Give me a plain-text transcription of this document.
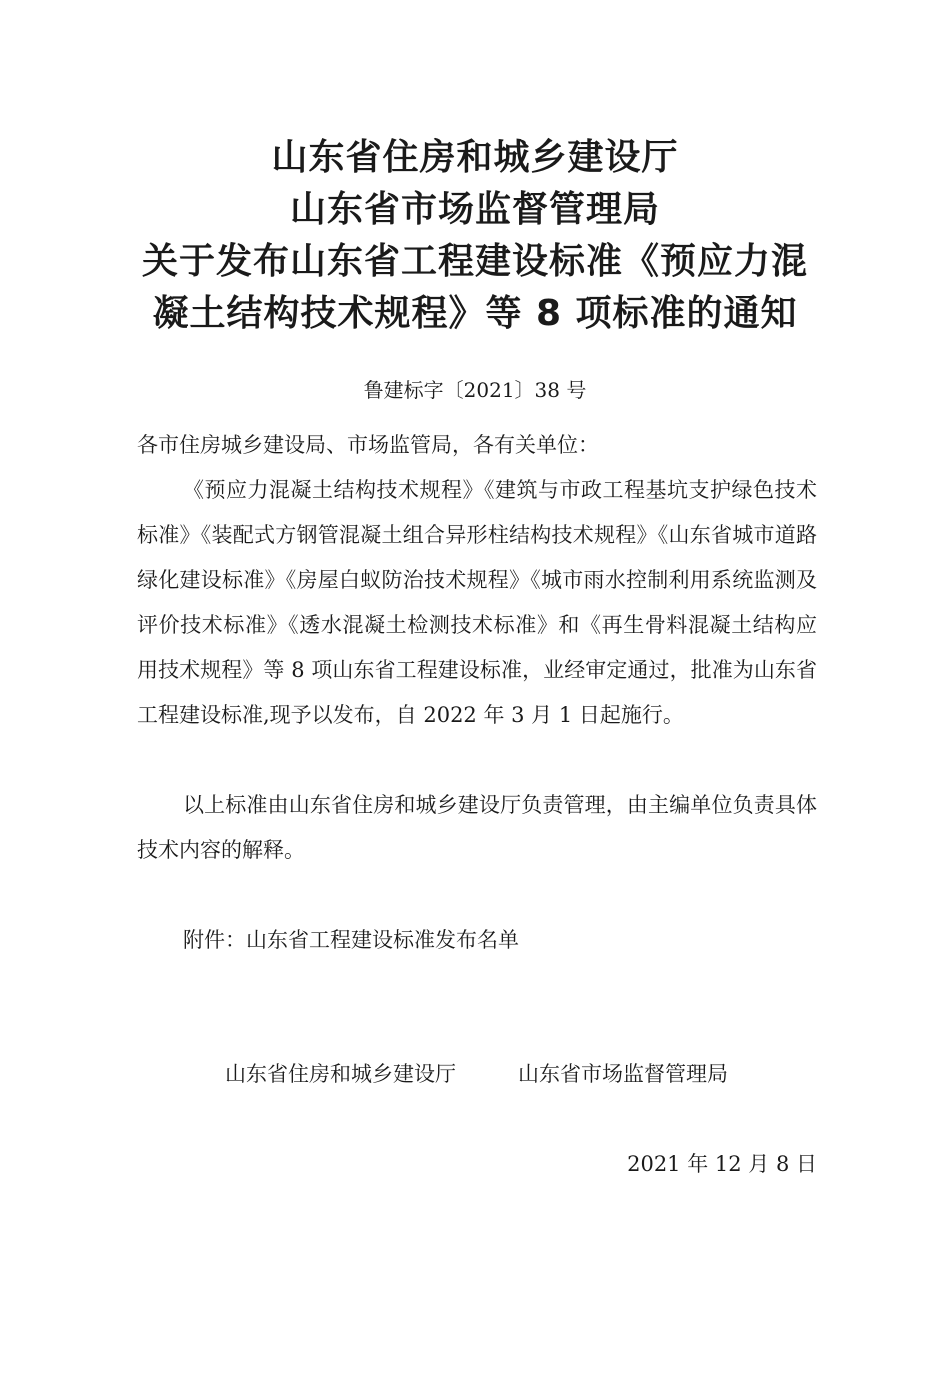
山东省住房和城乡建设厅
山东省市场监督管理局
关于发布山东省工程建设标准《预应力混
凝土结构技术规程》等 8 项标准的通知
鲁建标字〔2021〕38 号
各市住房城乡建设局、市场监管局，各有关单位：
《预应力混凝土结构技术规程》《建筑与市政工程基坑支护绿色技术标准》《装配式方钢管混凝土组合异形柱结构技术规程》《山东省城市道路绿化建设标准》《房屋白蚁防治技术规程》《城市雨水控制利用系统监测及评价技术标准》《透水混凝土检测技术标准》和《再生骨料混凝土结构应用技术规程》等 8 项山东省工程建设标准，业经审定通过，批准为山东省工程建设标准,现予以发布，自 2022 年 3 月 1 日起施行。
以上标准由山东省住房和城乡建设厅负责管理，由主编单位负责具体技术内容的解释。
附件：山东省工程建设标准发布名单
山东省住房和城乡建设厅	山东省市场监督管理局
2021 年 12 月 8 日
